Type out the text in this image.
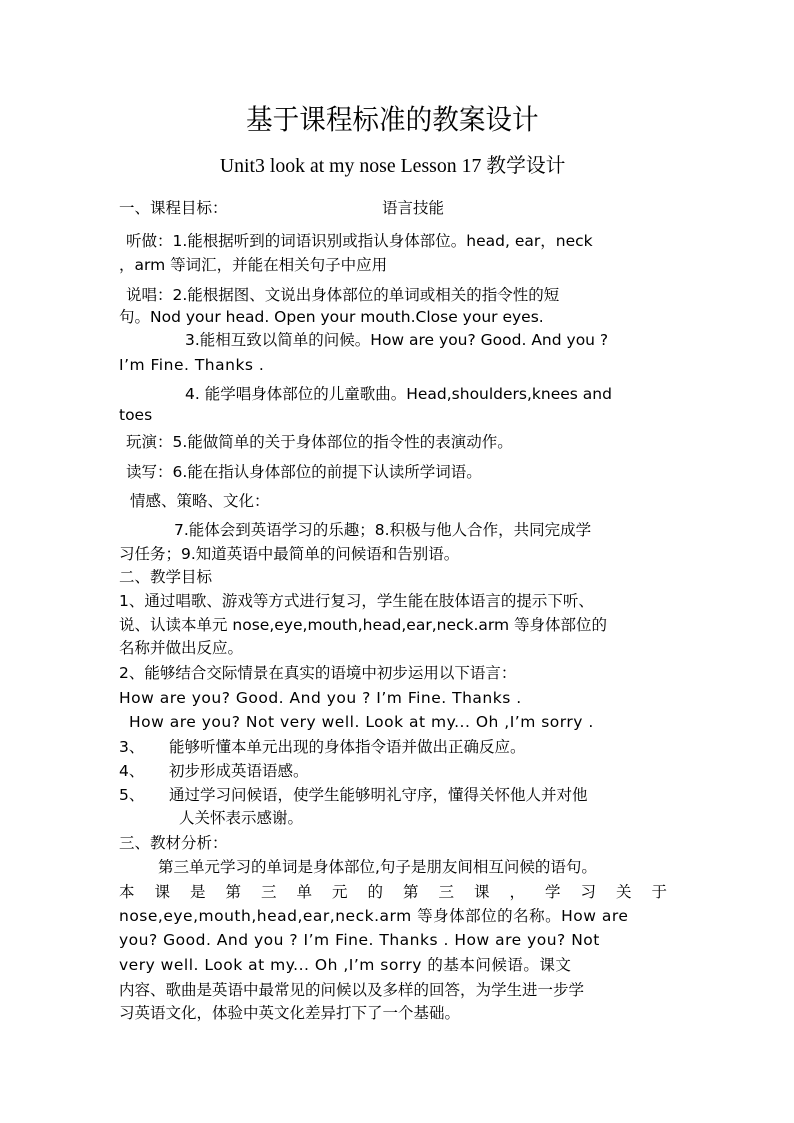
基于课程标准的教案设计
Unit3 look at my nose Lesson 17 教学设计
一、课程目标：	语言技能
听做：1.能根据听到的词语识别或指认身体部位。head, ear，neck
，arm 等词汇，并能在相关句子中应用
说唱：2.能根据图、文说出身体部位的单词或相关的指令性的短
句。Nod your head. Open your mouth.Close your eyes.
3.能相互致以简单的问候。How are you? Good. And you ?
I’m Fine. Thanks .
4. 能学唱身体部位的儿童歌曲。Head,shoulders,knees and
toes
玩演：5.能做简单的关于身体部位的指令性的表演动作。
读写：6.能在指认身体部位的前提下认读所学词语。
情感、策略、文化：
7.能体会到英语学习的乐趣；8.积极与他人合作，共同完成学
习任务；9.知道英语中最简单的问候语和告别语。
二、教学目标
1、通过唱歌、游戏等方式进行复习，学生能在肢体语言的提示下听、
说、认读本单元 nose,eye,mouth,head,ear,neck.arm 等身体部位的
名称并做出反应。
2、能够结合交际情景在真实的语境中初步运用以下语言：
How are you? Good. And you ? I’m Fine. Thanks .
How are you? Not very well. Look at my... Oh ,I’m sorry .
3、 能够听懂本单元出现的身体指令语并做出正确反应。
4、 初步形成英语语感。
5、 通过学习问候语，使学生能够明礼守序，懂得关怀他人并对他
人关怀表示感谢。
三、教材分析：
第三单元学习的单词是身体部位,句子是朋友间相互问候的语句。
本 课 是 第 三 单 元 的 第 三 课 ， 学 习 关 于
nose,eye,mouth,head,ear,neck.arm 等身体部位的名称。How are
you? Good. And you ? I’m Fine. Thanks . How are you? Not
very well. Look at my... Oh ,I’m sorry 的基本问候语。课文
内容、歌曲是英语中最常见的问候以及多样的回答，为学生进一步学
习英语文化，体验中英文化差异打下了一个基础。
